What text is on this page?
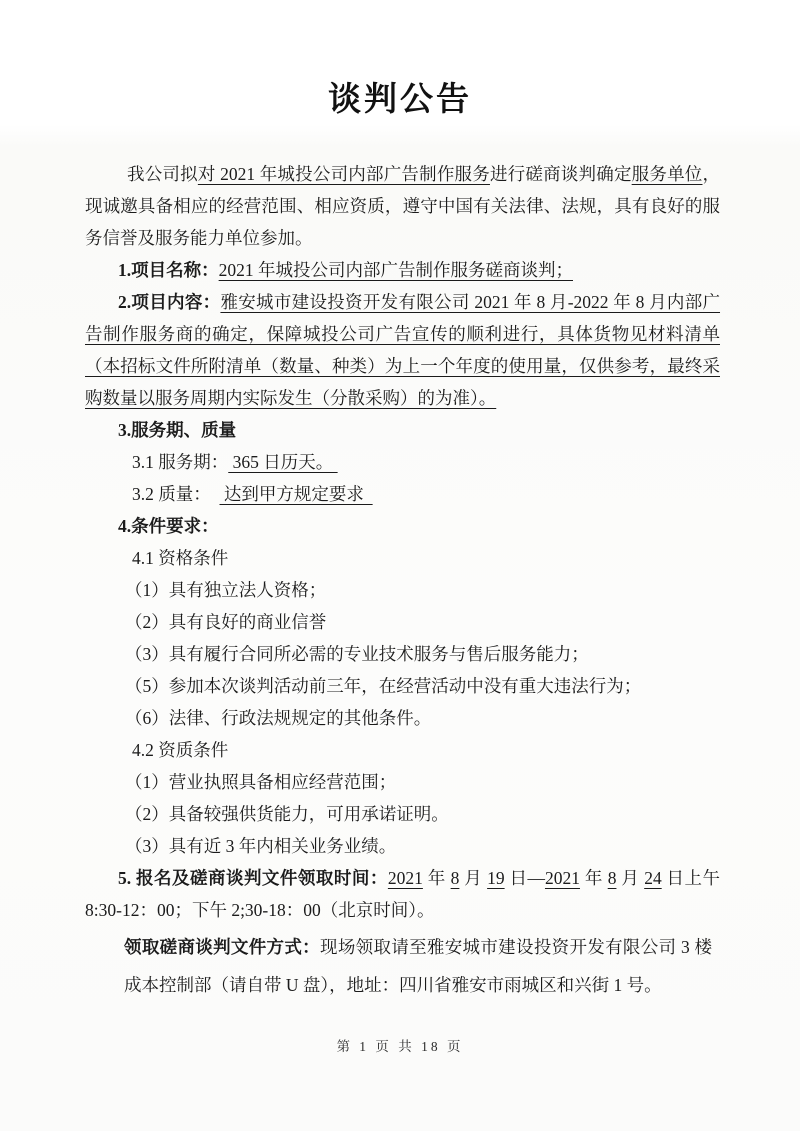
谈判公告

我公司拟对 2021 年城投公司内部广告制作服务进行磋商谈判确定服务单位，现诚邀具备相应的经营范围、相应资质，遵守中国有关法律、法规，具有良好的服务信誉及服务能力单位参加。

1.项目名称：2021 年城投公司内部广告制作服务磋商谈判；

2.项目内容：雅安城市建设投资开发有限公司 2021 年 8 月-2022 年 8 月内部广告制作服务商的确定，保障城投公司广告宣传的顺利进行，具体货物见材料清单（本招标文件所附清单（数量、种类）为上一个年度的使用量，仅供参考，最终采购数量以服务周期内实际发生（分散采购）的为准）。

3.服务期、质量

3.1 服务期： 365 日历天。

3.2 质量：   达到甲方规定要求

4.条件要求：

4.1 资格条件

（1）具有独立法人资格；

（2）具有良好的商业信誉

（3）具有履行合同所必需的专业技术服务与售后服务能力；

（5）参加本次谈判活动前三年，在经营活动中没有重大违法行为；

（6）法律、行政法规规定的其他条件。

4.2 资质条件

（1）营业执照具备相应经营范围；

（2）具备较强供货能力，可用承诺证明。

（3）具有近 3 年内相关业务业绩。

5. 报名及磋商谈判文件领取时间：2021 年 8 月 19 日—2021 年 8 月 24 日上午 8:30-12：00；下午 2;30-18：00（北京时间）。

领取磋商谈判文件方式：现场领取请至雅安城市建设投资开发有限公司 3 楼成本控制部（请自带 U 盘），地址：四川省雅安市雨城区和兴街 1 号。

第 1 页 共 18 页
